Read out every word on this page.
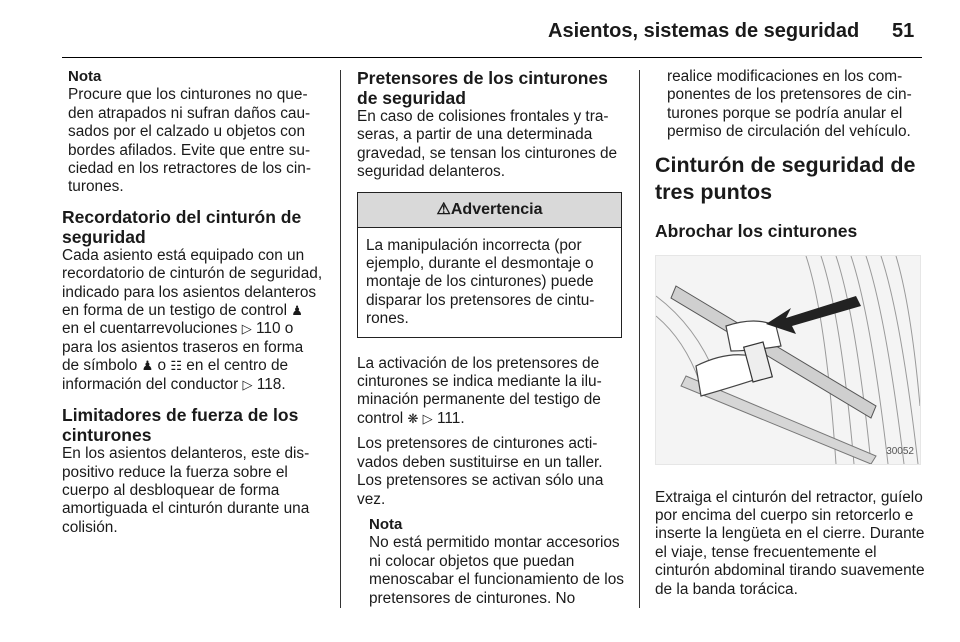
Asientos, sistemas de seguridad 51
Nota

Procure que los cinturones no queden atrapados ni sufran daños causados por el calzado u objetos con bordes afilados. Evite que entre suciedad en los retractores de los cinturones.

Recordatorio del cinturón de seguridad

Cada asiento está equipado con un recordatorio de cinturón de seguridad, indicado para los asientos delanteros en forma de un testigo de control ♟ en el cuentarrevoluciones ▷ 110 o para los asientos traseros en forma de símbolo ♟ o ☷ en el centro de información del conductor ▷ 118.

Limitadores de fuerza de los cinturones

En los asientos delanteros, este dispositivo reduce la fuerza sobre el cuerpo al desbloquear de forma amortiguada el cinturón durante una colisión.

Pretensores de los cinturones de seguridad

En caso de colisiones frontales y traseras, a partir de una determinada gravedad, se tensan los cinturones de seguridad delanteros.

⚠Advertencia
La manipulación incorrecta (por ejemplo, durante el desmontaje o montaje de los cinturones) puede disparar los pretensores de cinturones.

La activación de los pretensores de cinturones se indica mediante la iluminación permanente del testigo de control ❋ ▷ 111.

Los pretensores de cinturones activados deben sustituirse en un taller. Los pretensores se activan sólo una vez.

Nota

No está permitido montar accesorios ni colocar objetos que puedan menoscabar el funcionamiento de los pretensores de cinturones. No

realice modificaciones en los componentes de los pretensores de cinturones porque se podría anular el permiso de circulación del vehículo.

Cinturón de seguridad de tres puntos
Abrochar los cinturones
30052

Extraiga el cinturón del retractor, guíelo por encima del cuerpo sin retorcerlo e inserte la lengüeta en el cierre. Durante el viaje, tense frecuentemente el cinturón abdominal tirando suavemente de la banda torácica.
